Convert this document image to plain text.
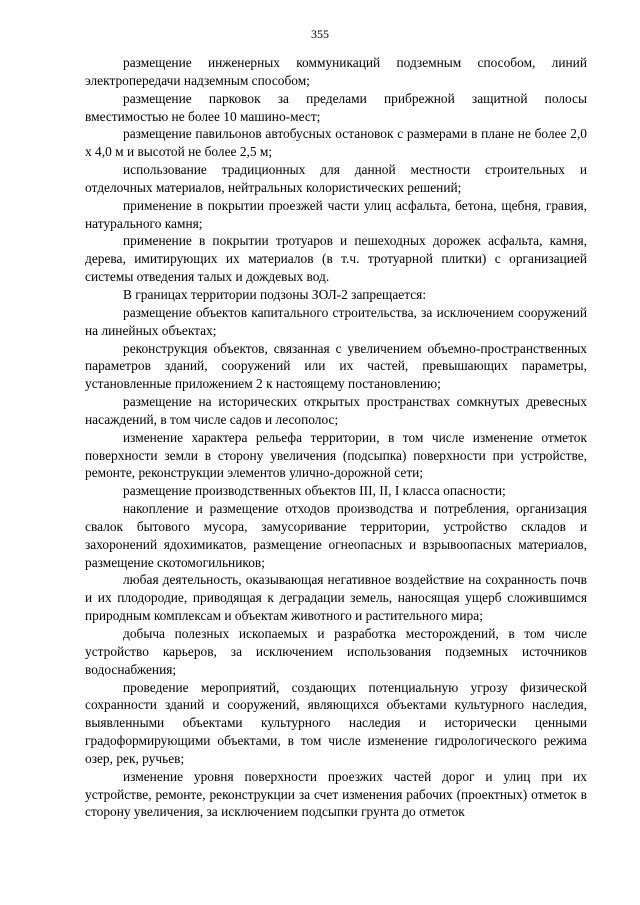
355

размещение инженерных коммуникаций подземным способом, линий электропередачи надземным способом;

размещение парковок за пределами прибрежной защитной полосы вместимостью не более 10 машино-мест;

размещение павильонов автобусных остановок с размерами в плане не более 2,0 х 4,0 м и высотой не более 2,5 м;

использование традиционных для данной местности строительных и отделочных материалов, нейтральных колористических решений;

применение в покрытии проезжей части улиц асфальта, бетона, щебня, гравия, натурального камня;

применение в покрытии тротуаров и пешеходных дорожек асфальта, камня, дерева, имитирующих их материалов (в т.ч. тротуарной плитки) с организацией системы отведения талых и дождевых вод.

В границах территории подзоны ЗОЛ-2 запрещается:

размещение объектов капитального строительства, за исключением сооружений на линейных объектах;

реконструкция объектов, связанная с увеличением объемно-пространственных параметров зданий, сооружений или их частей, превышающих параметры, установленные приложением 2 к настоящему постановлению;

размещение на исторических открытых пространствах сомкнутых древесных насаждений, в том числе садов и лесополос;

изменение характера рельефа территории, в том числе изменение отметок поверхности земли в сторону увеличения (подсыпка) поверхности при устройстве, ремонте, реконструкции элементов улично-дорожной сети;

размещение производственных объектов III, II, I класса опасности;

накопление и размещение отходов производства и потребления, организация свалок бытового мусора, замусоривание территории, устройство складов и захоронений ядохимикатов, размещение огнеопасных и взрывоопасных материалов, размещение скотомогильников;

любая деятельность, оказывающая негативное воздействие на сохранность почв и их плодородие, приводящая к деградации земель, наносящая ущерб сложившимся природным комплексам и объектам животного и растительного мира;

добыча полезных ископаемых и разработка месторождений, в том числе устройство карьеров, за исключением использования подземных источников водоснабжения;

проведение мероприятий, создающих потенциальную угрозу физической сохранности зданий и сооружений, являющихся объектами культурного наследия, выявленными объектами культурного наследия и исторически ценными градоформирующими объектами, в том числе изменение гидрологического режима озер, рек, ручьев;

изменение уровня поверхности проезжих частей дорог и улиц при их устройстве, ремонте, реконструкции за счет изменения рабочих (проектных) отметок в сторону увеличения, за исключением подсыпки грунта до отметок
